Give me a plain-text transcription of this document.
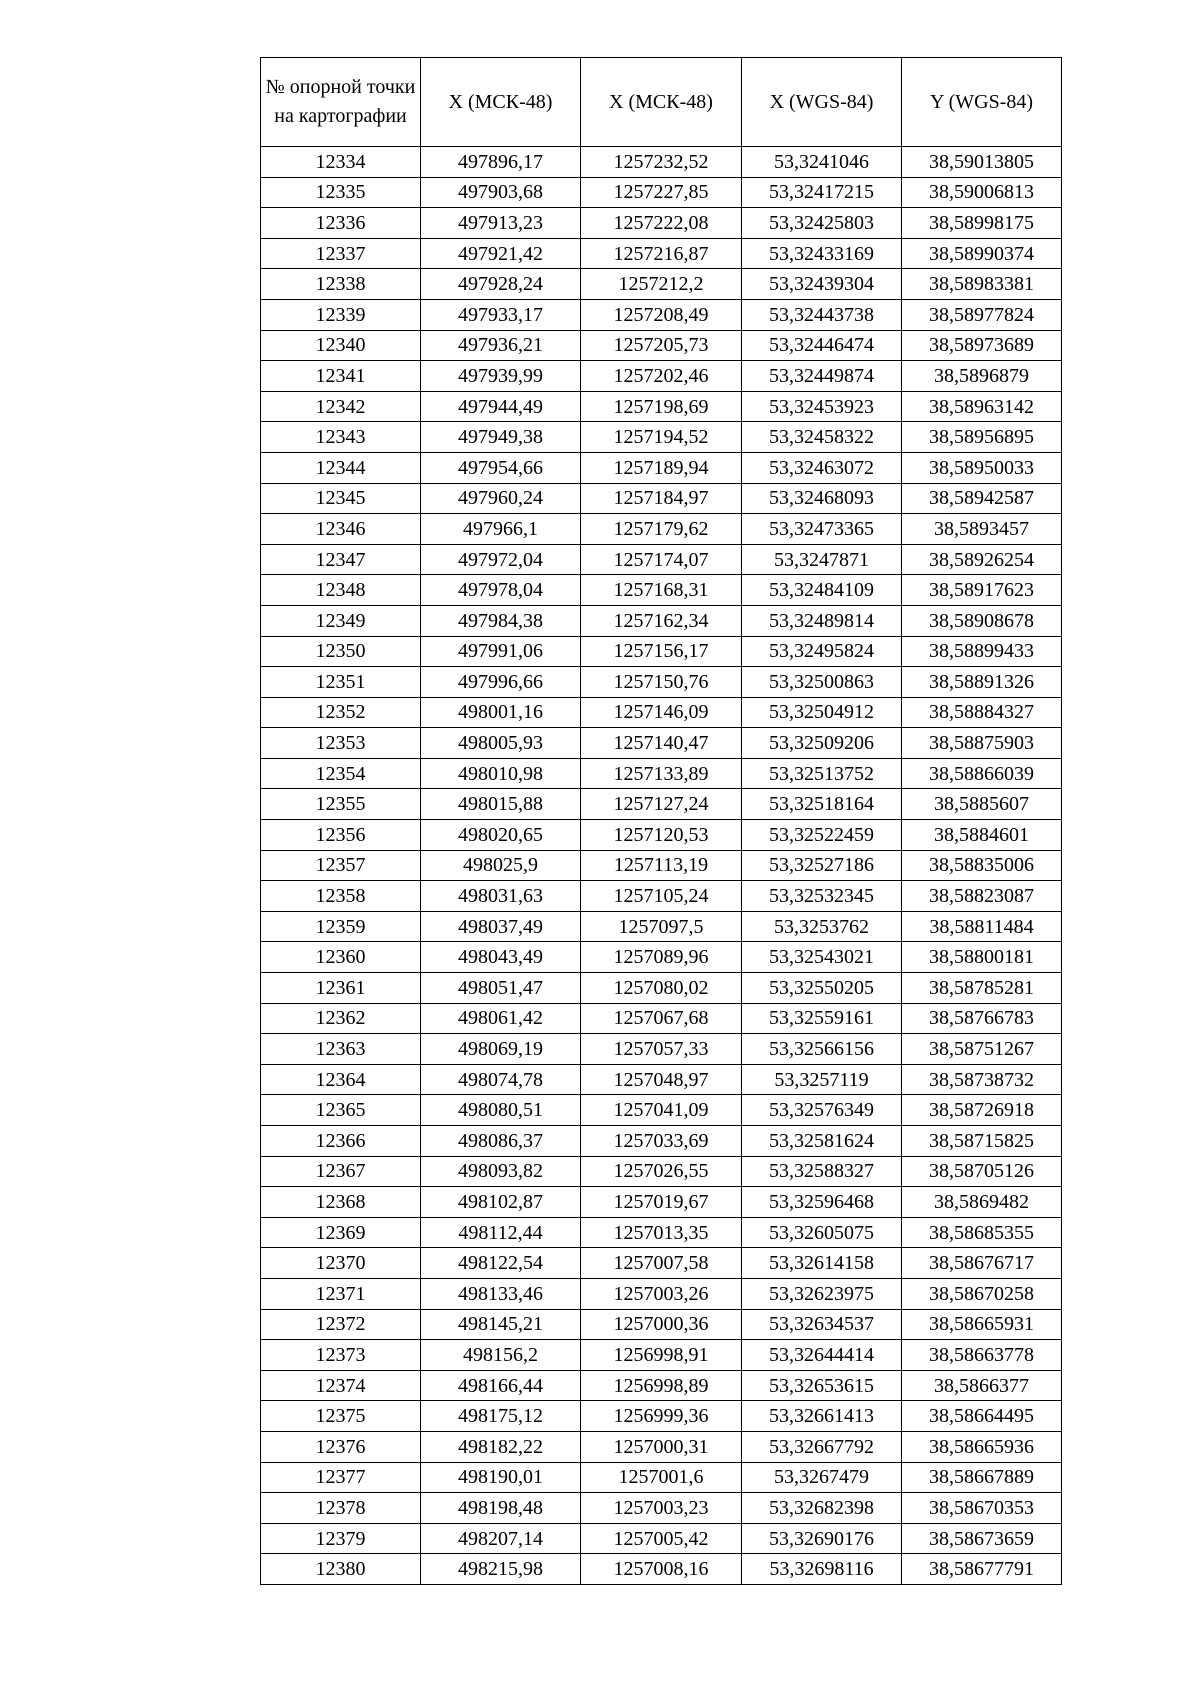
№ опорной точки на картографии	X (МСК-48)	X (МСК-48)	X (WGS-84)	Y (WGS-84)
12334	497896,17	1257232,52	53,3241046	38,59013805
12335	497903,68	1257227,85	53,32417215	38,59006813
12336	497913,23	1257222,08	53,32425803	38,58998175
12337	497921,42	1257216,87	53,32433169	38,58990374
12338	497928,24	1257212,2	53,32439304	38,58983381
12339	497933,17	1257208,49	53,32443738	38,58977824
12340	497936,21	1257205,73	53,32446474	38,58973689
12341	497939,99	1257202,46	53,32449874	38,5896879
12342	497944,49	1257198,69	53,32453923	38,58963142
12343	497949,38	1257194,52	53,32458322	38,58956895
12344	497954,66	1257189,94	53,32463072	38,58950033
12345	497960,24	1257184,97	53,32468093	38,58942587
12346	497966,1	1257179,62	53,32473365	38,5893457
12347	497972,04	1257174,07	53,3247871	38,58926254
12348	497978,04	1257168,31	53,32484109	38,58917623
12349	497984,38	1257162,34	53,32489814	38,58908678
12350	497991,06	1257156,17	53,32495824	38,58899433
12351	497996,66	1257150,76	53,32500863	38,58891326
12352	498001,16	1257146,09	53,32504912	38,58884327
12353	498005,93	1257140,47	53,32509206	38,58875903
12354	498010,98	1257133,89	53,32513752	38,58866039
12355	498015,88	1257127,24	53,32518164	38,5885607
12356	498020,65	1257120,53	53,32522459	38,5884601
12357	498025,9	1257113,19	53,32527186	38,58835006
12358	498031,63	1257105,24	53,32532345	38,58823087
12359	498037,49	1257097,5	53,3253762	38,58811484
12360	498043,49	1257089,96	53,32543021	38,58800181
12361	498051,47	1257080,02	53,32550205	38,58785281
12362	498061,42	1257067,68	53,32559161	38,58766783
12363	498069,19	1257057,33	53,32566156	38,58751267
12364	498074,78	1257048,97	53,3257119	38,58738732
12365	498080,51	1257041,09	53,32576349	38,58726918
12366	498086,37	1257033,69	53,32581624	38,58715825
12367	498093,82	1257026,55	53,32588327	38,58705126
12368	498102,87	1257019,67	53,32596468	38,5869482
12369	498112,44	1257013,35	53,32605075	38,58685355
12370	498122,54	1257007,58	53,32614158	38,58676717
12371	498133,46	1257003,26	53,32623975	38,58670258
12372	498145,21	1257000,36	53,32634537	38,58665931
12373	498156,2	1256998,91	53,32644414	38,58663778
12374	498166,44	1256998,89	53,32653615	38,5866377
12375	498175,12	1256999,36	53,32661413	38,58664495
12376	498182,22	1257000,31	53,32667792	38,58665936
12377	498190,01	1257001,6	53,3267479	38,58667889
12378	498198,48	1257003,23	53,32682398	38,58670353
12379	498207,14	1257005,42	53,32690176	38,58673659
12380	498215,98	1257008,16	53,32698116	38,58677791
